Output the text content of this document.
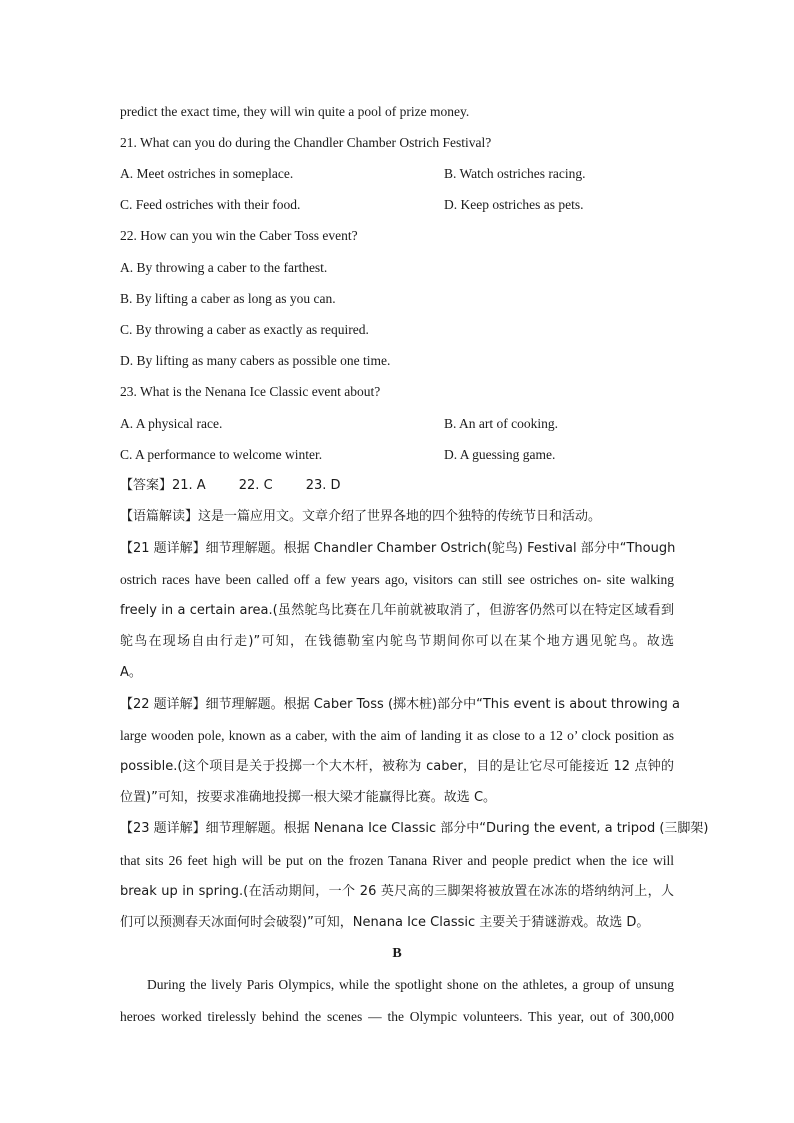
predict the exact time, they will win quite a pool of prize money.
21. What can you do during the Chandler Chamber Ostrich Festival?
A. Meet ostriches in someplace.	B. Watch ostriches racing.
C. Feed ostriches with their food.	D. Keep ostriches as pets.
22. How can you win the Caber Toss event?
A. By throwing a caber to the farthest.
B. By lifting a caber as long as you can.
C. By throwing a caber as exactly as required.
D. By lifting as many cabers as possible one time.
23. What is the Nenana Ice Classic event about?
A. A physical race.	B. An art of cooking.
C. A performance to welcome winter.	D. A guessing game.
【答案】21. A        22. C        23. D
【语篇解读】这是一篇应用文。文章介绍了世界各地的四个独特的传统节日和活动。
【21 题详解】细节理解题。根据 Chandler Chamber Ostrich(鸵鸟) Festival 部分中“Though
ostrich races have been called off a few years ago, visitors can still see ostriches on- site walking
freely in a certain area.(虽然鸵鸟比赛在几年前就被取消了，但游客仍然可以在特定区域看到
鸵鸟在现场自由行走)”可知，在钱德勒室内鸵鸟节期间你可以在某个地方遇见鸵鸟。故选
A。
【22 题详解】细节理解题。根据 Caber Toss (掷木桩)部分中“This event is about throwing a
large wooden pole, known as a caber, with the aim of landing it as close to a 12 o’ clock position as
possible.(这个项目是关于投掷一个大木杆，被称为 caber，目的是让它尽可能接近 12 点钟的
位置)”可知，按要求准确地投掷一根大梁才能赢得比赛。故选 C。
【23 题详解】细节理解题。根据 Nenana Ice Classic 部分中“During the event, a tripod (三脚架)
that sits 26 feet high will be put on the frozen Tanana River and people predict when the ice will
break up in spring.(在活动期间，一个 26 英尺高的三脚架将被放置在冰冻的塔纳纳河上，人
们可以预测春天冰面何时会破裂)”可知，Nenana Ice Classic 主要关于猜谜游戏。故选 D。
B
During the lively Paris Olympics, while the spotlight shone on the athletes, a group of unsung
heroes worked tirelessly behind the scenes — the Olympic volunteers. This year, out of 300,000
